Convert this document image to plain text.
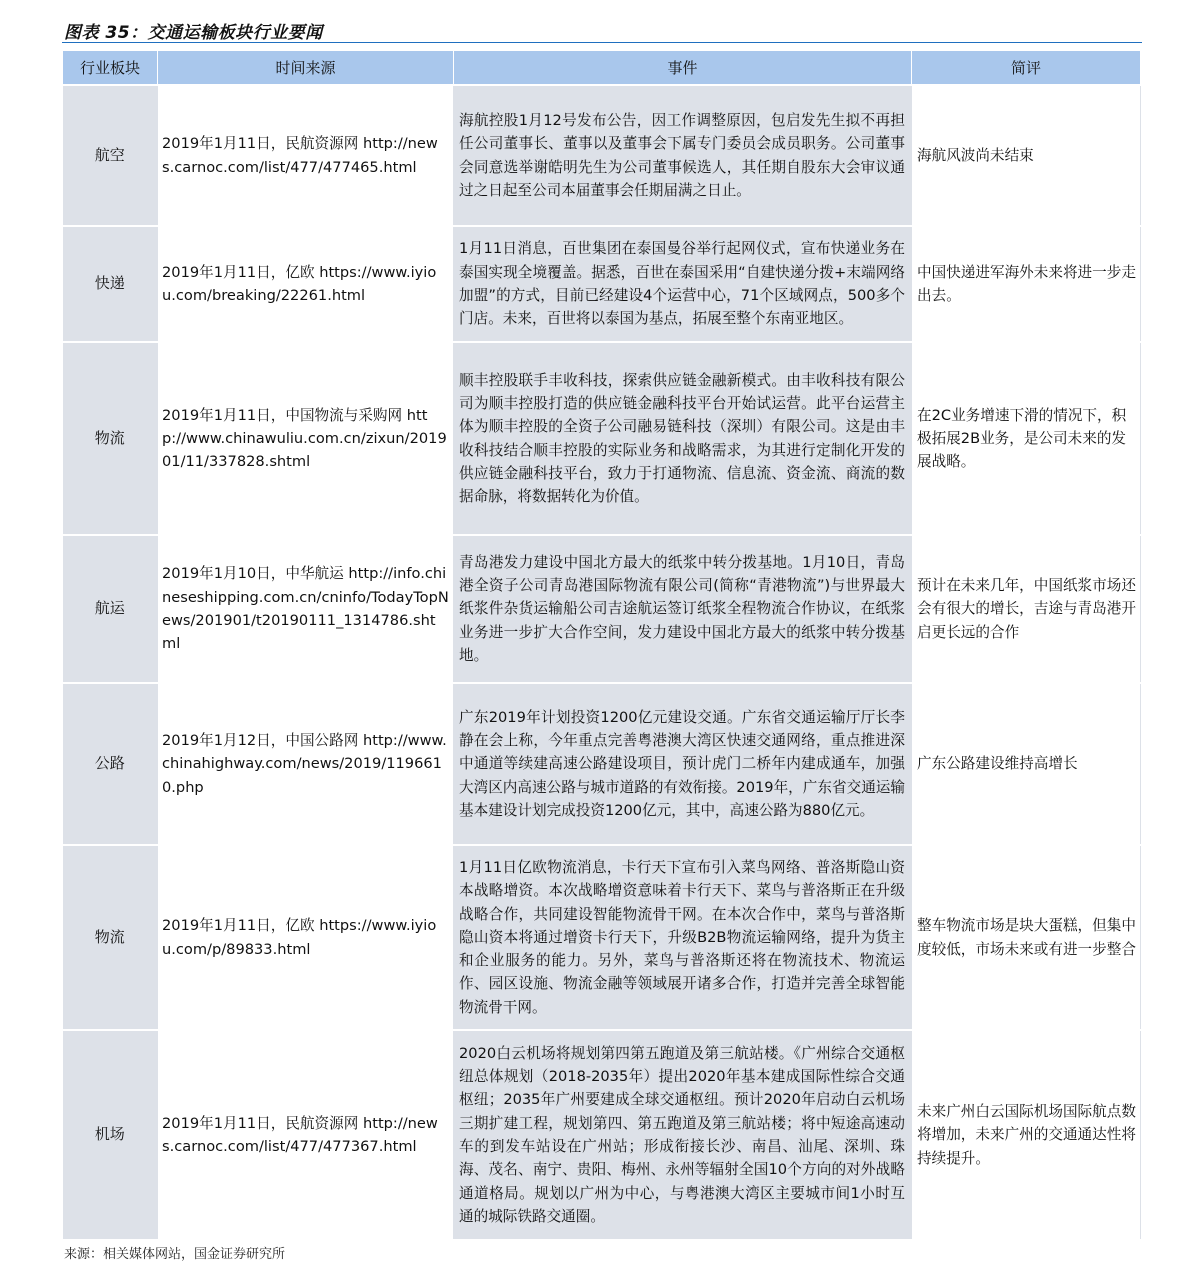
图表 35：交通运输板块行业要闻
行业板块	时间来源	事件	简评
航空	2019年1月11日，民航资源网 http://news.carnoc.com/list/477/477465.html	海航控股1月12号发布公告，因工作调整原因，包启发先生拟不再担任公司董事长、董事以及董事会下属专门委员会成员职务。公司董事会同意选举谢皓明先生为公司董事候选人，其任期自股东大会审议通过之日起至公司本届董事会任期届满之日止。	海航风波尚未结束
快递	2019年1月11日，亿欧 https://www.iyiou.com/breaking/22261.html	1月11日消息，百世集团在泰国曼谷举行起网仪式，宣布快递业务在泰国实现全境覆盖。据悉，百世在泰国采用“自建快递分拨+末端网络加盟”的方式，目前已经建设4个运营中心，71个区域网点，500多个门店。未来，百世将以泰国为基点，拓展至整个东南亚地区。	中国快递进军海外未来将进一步走出去。
物流	2019年1月11日，中国物流与采购网 http://www.chinawuliu.com.cn/zixun/201901/11/337828.shtml	顺丰控股联手丰收科技，探索供应链金融新模式。由丰收科技有限公司为顺丰控股打造的供应链金融科技平台开始试运营。此平台运营主体为顺丰控股的全资子公司融易链科技（深圳）有限公司。这是由丰收科技结合顺丰控股的实际业务和战略需求，为其进行定制化开发的供应链金融科技平台，致力于打通物流、信息流、资金流、商流的数据命脉，将数据转化为价值。	在2C业务增速下滑的情况下，积极拓展2B业务，是公司未来的发展战略。
航运	2019年1月10日，中华航运 http://info.chineseshipping.com.cn/cninfo/TodayTopNews/201901/t20190111_1314786.shtml	青岛港发力建设中国北方最大的纸浆中转分拨基地。1月10日，青岛港全资子公司青岛港国际物流有限公司(简称“青港物流”)与世界最大纸浆件杂货运输船公司吉途航运签订纸浆全程物流合作协议，在纸浆业务进一步扩大合作空间，发力建设中国北方最大的纸浆中转分拨基地。	预计在未来几年，中国纸浆市场还会有很大的增长，吉途与青岛港开启更长远的合作
公路	2019年1月12日，中国公路网 http://www.chinahighway.com/news/2019/1196610.php	广东2019年计划投资1200亿元建设交通。广东省交通运输厅厅长李静在会上称，今年重点完善粤港澳大湾区快速交通网络，重点推进深中通道等续建高速公路建设项目，预计虎门二桥年内建成通车，加强大湾区内高速公路与城市道路的有效衔接。2019年，广东省交通运输基本建设计划完成投资1200亿元，其中，高速公路为880亿元。	广东公路建设维持高增长
物流	2019年1月11日，亿欧 https://www.iyiou.com/p/89833.html	1月11日亿欧物流消息，卡行天下宣布引入菜鸟网络、普洛斯隐山资本战略增资。本次战略增资意味着卡行天下、菜鸟与普洛斯正在升级战略合作，共同建设智能物流骨干网。在本次合作中，菜鸟与普洛斯隐山资本将通过增资卡行天下，升级B2B物流运输网络，提升为货主和企业服务的能力。另外，菜鸟与普洛斯还将在物流技术、物流运作、园区设施、物流金融等领域展开诸多合作，打造并完善全球智能物流骨干网。	整车物流市场是块大蛋糕，但集中度较低，市场未来或有进一步整合
机场	2019年1月11日，民航资源网 http://news.carnoc.com/list/477/477367.html	2020白云机场将规划第四第五跑道及第三航站楼。《广州综合交通枢纽总体规划（2018-2035年）提出2020年基本建成国际性综合交通枢纽；2035年广州要建成全球交通枢纽。预计2020年启动白云机场三期扩建工程，规划第四、第五跑道及第三航站楼；将中短途高速动车的到发车站设在广州站；形成衔接长沙、南昌、汕尾、深圳、珠海、茂名、南宁、贵阳、梅州、永州等辐射全国10个方向的对外战略通道格局。规划以广州为中心，与粤港澳大湾区主要城市间1小时互通的城际铁路交通圈。	未来广州白云国际机场国际航点数将增加，未来广州的交通通达性将持续提升。
来源：相关媒体网站，国金证券研究所
